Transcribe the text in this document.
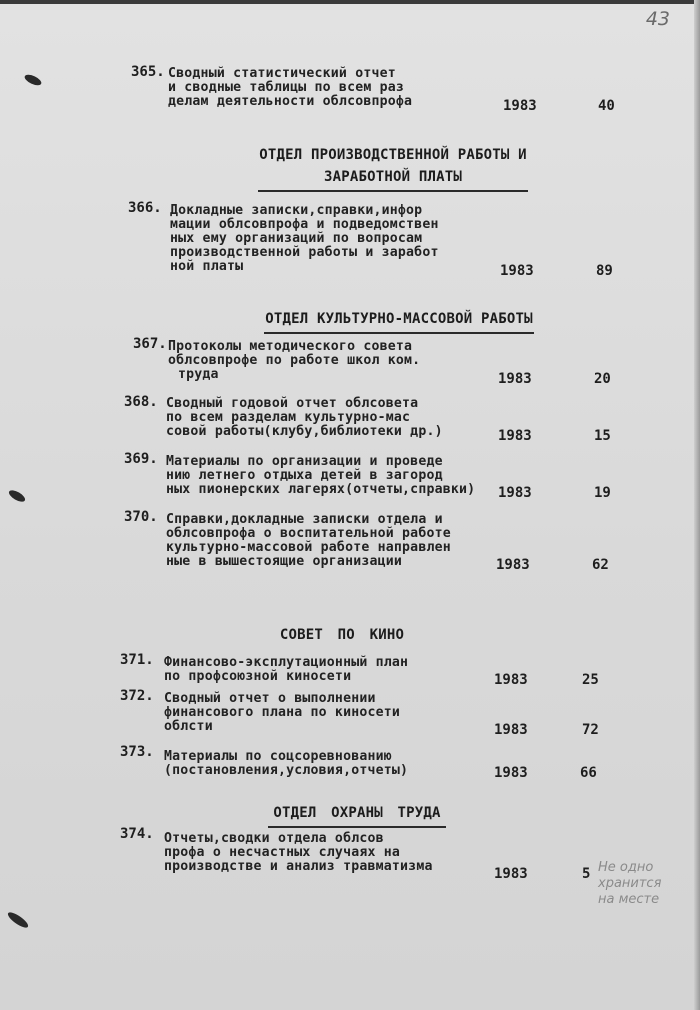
43
365. Сводный статистический отчет
и сводные таблицы по всем раз
делам деятельности облсовпрофа	1983	40
ОТДЕЛ ПРОИЗВОДСТВЕННОЙ РАБОТЫ И
ЗАРАБОТНОЙ ПЛАТЫ
366. Докладные записки,справки,инфор
мации облсовпрофа и подведомствен
ных ему организаций по вопросам
производственной работы и заработ
ной платы	1983	89
ОТДЕЛ КУЛЬТУРНО-МАССОВОЙ РАБОТЫ
367. Протоколы методического совета
облсовпрофе по работе школ ком.
труда	1983	20
368. Сводный годовой отчет облсовета
по всем разделам культурно-мас
совой работы(клубу,библиотеки др.)	1983	15
369. Материалы по организации и проведе
нию летнего отдыха детей в загород
ных пионерских лагерях(отчеты,справки) 1983	19
370. Справки,докладные записки отдела и
облсовпрофа о воспитательной работе
культурно-массовой работе направлен
ные в вышестоящие организации	1983	62
СОВЕТ ПО КИНО
371. Финансово-эксплутационный план
по профсоюзной киносети	1983	25
372. Сводный отчет о выполнении
финансового плана по киносети
облсти	1983	72
373. Материалы по соцсоревнованию
(постановления,условия,отчеты)	1983	66
ОТДЕЛ ОХРАНЫ ТРУДА
374. Отчеты,сводки отдела облсов
профа о несчастных случаях на
производстве и анализ травматизма	1983	5 Не одно
хранится
на месте
